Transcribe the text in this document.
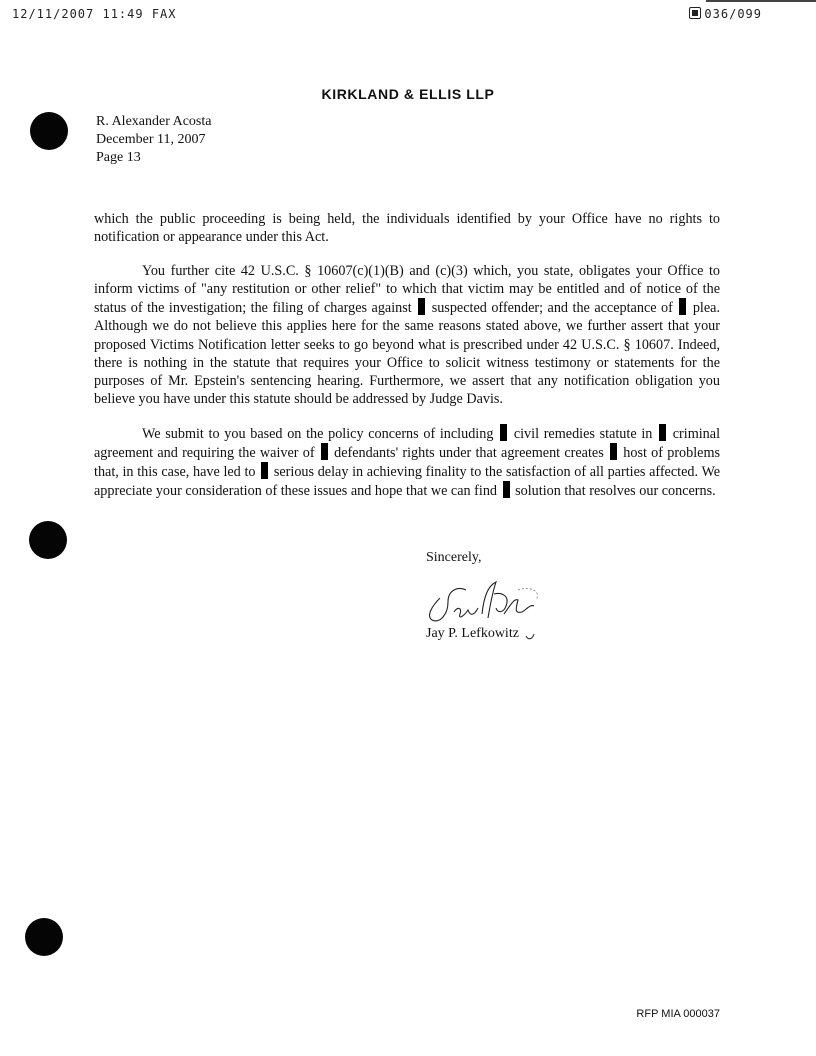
12/11/2007 11:49 FAX	036/099
KIRKLAND & ELLIS LLP
R. Alexander Acosta
December 11, 2007
Page 13

which the public proceeding is being held, the individuals identified by your Office have no rights to notification or appearance under this Act.

You further cite 42 U.S.C. § 10607(c)(1)(B) and (c)(3) which, you state, obligates your Office to inform victims of "any restitution or other relief" to which that victim may be entitled and of notice of the status of the investigation; the filing of charges against suspected offender; and the acceptance of plea. Although we do not believe this applies here for the same reasons stated above, we further assert that your proposed Victims Notification letter seeks to go beyond what is prescribed under 42 U.S.C. § 10607. Indeed, there is nothing in the statute that requires your Office to solicit witness testimony or statements for the purposes of Mr. Epstein's sentencing hearing. Furthermore, we assert that any notification obligation you believe you have under this statute should be addressed by Judge Davis.

We submit to you based on the policy concerns of including civil remedies statute in criminal agreement and requiring the waiver of defendants' rights under that agreement creates host of problems that, in this case, have led to serious delay in achieving finality to the satisfaction of all parties affected. We appreciate your consideration of these issues and hope that we can find solution that resolves our concerns.

Sincerely,
Jay P. Lefkowitz
RFP MIA 000037
